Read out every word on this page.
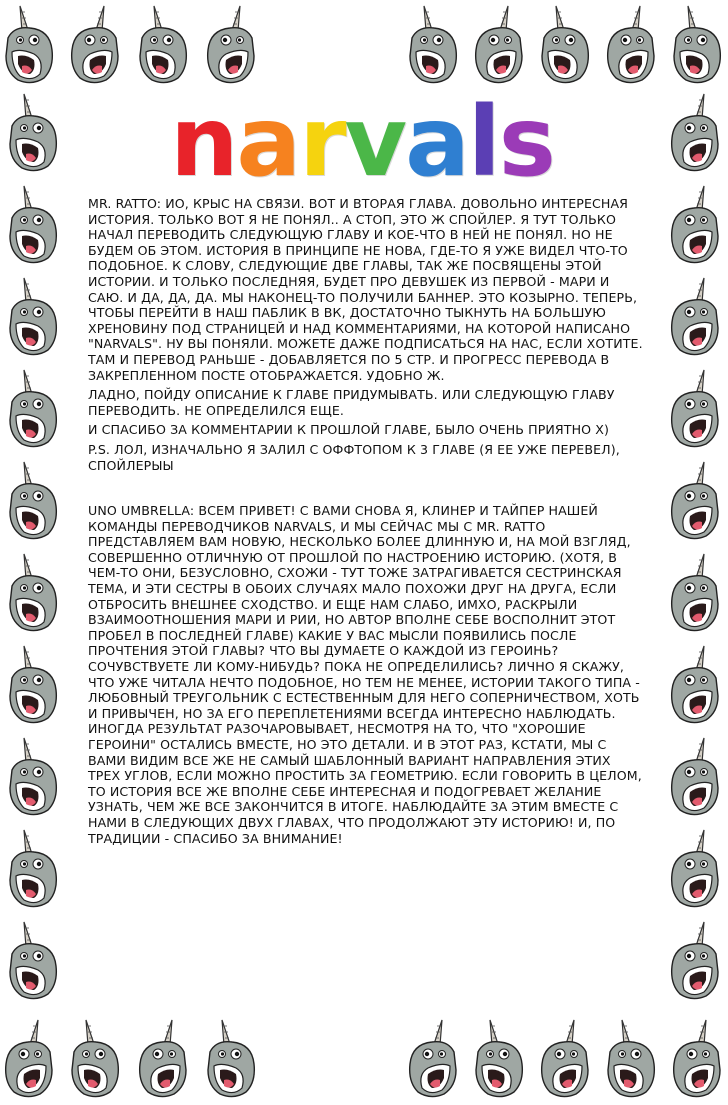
n a r v a l s

MR. RATTO: ИО, КРЫС НА СВЯЗИ. ВОТ И ВТОРАЯ ГЛАВА. ДОВОЛЬНО ИНТЕРЕСНАЯ ИСТОРИЯ. ТОЛЬКО ВОТ Я НЕ ПОНЯЛ.. А СТОП, ЭТО Ж СПОЙЛЕР. Я ТУТ ТОЛЬКО НАЧАЛ ПЕРЕВОДИТЬ СЛЕДУЮЩУЮ ГЛАВУ И КОЕ-ЧТО В НЕЙ НЕ ПОНЯЛ. НО НЕ БУДЕМ ОБ ЭТОМ. ИСТОРИЯ В ПРИНЦИПЕ НЕ НОВА, ГДЕ-ТО Я УЖЕ ВИДЕЛ ЧТО-ТО ПОДОБНОЕ. К СЛОВУ, СЛЕДУЮЩИЕ ДВЕ ГЛАВЫ, ТАК ЖЕ ПОСВЯЩЕНЫ ЭТОЙ ИСТОРИИ. И ТОЛЬКО ПОСЛЕДНЯЯ, БУДЕТ ПРО ДЕВУШЕК ИЗ ПЕРВОЙ - МАРИ И САЮ. И ДА, ДА, ДА. МЫ НАКОНЕЦ-ТО ПОЛУЧИЛИ БАННЕР. ЭТО КОЗЫРНО. ТЕПЕРЬ, ЧТОБЫ ПЕРЕЙТИ В НАШ ПАБЛИК В ВК, ДОСТАТОЧНО ТЫКНУТЬ НА БОЛЬШУЮ ХРЕНОВИНУ ПОД СТРАНИЦЕЙ И НАД КОММЕНТАРИЯМИ, НА КОТОРОЙ НАПИСАНО "NARVALS". НУ ВЫ ПОНЯЛИ. МОЖЕТЕ ДАЖЕ ПОДПИСАТЬСЯ НА НАС, ЕСЛИ ХОТИТЕ. ТАМ И ПЕРЕВОД РАНЬШЕ - ДОБАВЛЯЕТСЯ ПО 5 СТР. И ПРОГРЕСС ПЕРЕВОДА В ЗАКРЕПЛЕННОМ ПОСТЕ ОТОБРАЖАЕТСЯ. УДОБНО Ж.

ЛАДНО, ПОЙДУ ОПИСАНИЕ К ГЛАВЕ ПРИДУМЫВАТЬ. ИЛИ СЛЕДУЮЩУЮ ГЛАВУ ПЕРЕВОДИТЬ. НЕ ОПРЕДЕЛИЛСЯ ЕЩЕ.

И СПАСИБО ЗА КОММЕНТАРИИ К ПРОШЛОЙ ГЛАВЕ, БЫЛО ОЧЕНЬ ПРИЯТНО X)

P.S. ЛОЛ, ИЗНАЧАЛЬНО Я ЗАЛИЛ С ОФФТОПОМ К 3 ГЛАВЕ (Я ЕЕ УЖЕ ПЕРЕВЕЛ), СПОЙЛЕРЫЫ

UNO UMBRELLA: ВСЕМ ПРИВЕТ! С ВАМИ СНОВА Я, КЛИНЕР И ТАЙПЕР НАШЕЙ КОМАНДЫ ПЕРЕВОДЧИКОВ NARVALS, И МЫ СЕЙЧАС МЫ С MR. RATTO ПРЕДСТАВЛЯЕМ ВАМ НОВУЮ, НЕСКОЛЬКО БОЛЕЕ ДЛИННУЮ И, НА МОЙ ВЗГЛЯД, СОВЕРШЕННО ОТЛИЧНУЮ ОТ ПРОШЛОЙ ПО НАСТРОЕНИЮ ИСТОРИЮ. (ХОТЯ, В ЧЕМ-ТО ОНИ, БЕЗУСЛОВНО, СХОЖИ - ТУТ ТОЖЕ ЗАТРАГИВАЕТСЯ СЕСТРИНСКАЯ ТЕМА, И ЭТИ СЕСТРЫ В ОБОИХ СЛУЧАЯХ МАЛО ПОХОЖИ ДРУГ НА ДРУГА, ЕСЛИ ОТБРОСИТЬ ВНЕШНЕЕ СХОДСТВО. И ЕЩЕ НАМ СЛАБО, ИМХО, РАСКРЫЛИ ВЗАИМООТНОШЕНИЯ МАРИ И РИИ, НО АВТОР ВПОЛНЕ СЕБЕ ВОСПОЛНИТ ЭТОТ ПРОБЕЛ В ПОСЛЕДНЕЙ ГЛАВЕ) КАКИЕ У ВАС МЫСЛИ ПОЯВИЛИСЬ ПОСЛЕ ПРОЧТЕНИЯ ЭТОЙ ГЛАВЫ? ЧТО ВЫ ДУМАЕТЕ О КАЖДОЙ ИЗ ГЕРОИНЬ? СОЧУВСТВУЕТЕ ЛИ КОМУ-НИБУДЬ? ПОКА НЕ ОПРЕДЕЛИЛИСЬ? ЛИЧНО Я СКАЖУ, ЧТО УЖЕ ЧИТАЛА НЕЧТО ПОДОБНОЕ, НО ТЕМ НЕ МЕНЕЕ, ИСТОРИИ ТАКОГО ТИПА - ЛЮБОВНЫЙ ТРЕУГОЛЬНИК С ЕСТЕСТВЕННЫМ ДЛЯ НЕГО СОПЕРНИЧЕСТВОМ, ХОТЬ И ПРИВЫЧЕН, НО ЗА ЕГО ПЕРЕПЛЕТЕНИЯМИ ВСЕГДА ИНТЕРЕСНО НАБЛЮДАТЬ. ИНОГДА РЕЗУЛЬТАТ РАЗОЧАРОВЫВАЕТ, НЕСМОТРЯ НА ТО, ЧТО "ХОРОШИЕ ГЕРОИНИ" ОСТАЛИСЬ ВМЕСТЕ, НО ЭТО ДЕТАЛИ. И В ЭТОТ РАЗ, КСТАТИ, МЫ С ВАМИ ВИДИМ ВСЕ ЖЕ НЕ САМЫЙ ШАБЛОННЫЙ ВАРИАНТ НАПРАВЛЕНИЯ ЭТИХ ТРЕХ УГЛОВ, ЕСЛИ МОЖНО ПРОСТИТЬ ЗА ГЕОМЕТРИЮ. ЕСЛИ ГОВОРИТЬ В ЦЕЛОМ, ТО ИСТОРИЯ ВСЕ ЖЕ ВПОЛНЕ СЕБЕ ИНТЕРЕСНАЯ И ПОДОГРЕВАЕТ ЖЕЛАНИЕ УЗНАТЬ, ЧЕМ ЖЕ ВСЕ ЗАКОНЧИТСЯ В ИТОГЕ. НАБЛЮДАЙТЕ ЗА ЭТИМ ВМЕСТЕ С НАМИ В СЛЕДУЮЩИХ ДВУХ ГЛАВАХ, ЧТО ПРОДОЛЖАЮТ ЭТУ ИСТОРИЮ! И, ПО ТРАДИЦИИ - СПАСИБО ЗА ВНИМАНИЕ!
